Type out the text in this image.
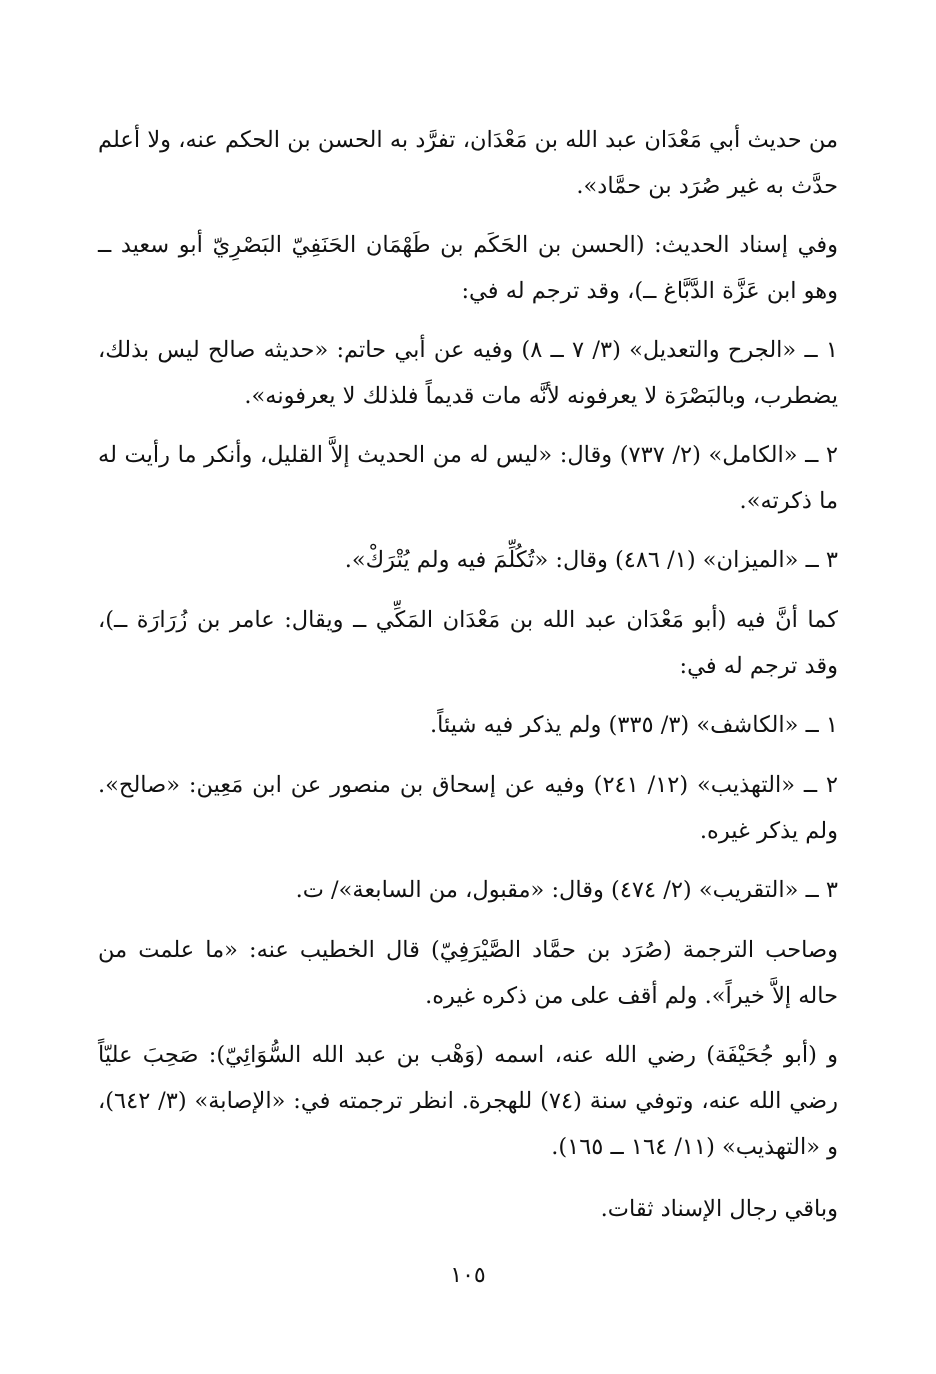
من حديث أبي مَعْدَان عبد الله بن مَعْدَان، تفرَّد به الحسن بن الحكم عنه، ولا أعلم حدَّث به غير صُرَد بن حمَّاد».

وفي إسناد الحديث: (الحسن بن الحَكَم بن طَهْمَان الحَنَفِيّ البَصْرِيّ أبو سعيد ــ وهو ابن عَزَّة الدَّبَّاغ ــ)، وقد ترجم له في:

١ ــ «الجرح والتعديل» (٣/ ٧ ــ ٨) وفيه عن أبي حاتم: «حديثه صالح ليس بذلك، يضطرب، وبالبَصْرَة لا يعرفونه لأنَّه مات قديماً فلذلك لا يعرفونه».

٢ ــ «الكامل» (٢/ ٧٣٧) وقال: «ليس له من الحديث إلاَّ القليل، وأنكر ما رأيت له ما ذكرته».

٣ ــ «الميزان» (١/ ٤٨٦) وقال: «تُكُلِّمَ فيه ولم يُتْرَكْ».

كما أنَّ فيه (أبو مَعْدَان عبد الله بن مَعْدَان المَكِّي ــ ويقال: عامر بن زُرَارَة ــ)، وقد ترجم له في:

١ ــ «الكاشف» (٣/ ٣٣٥) ولم يذكر فيه شيئاً.

٢ ــ «التهذيب» (١٢/ ٢٤١) وفيه عن إسحاق بن منصور عن ابن مَعِين: «صالح». ولم يذكر غيره.

٣ ــ «التقريب» (٢/ ٤٧٤) وقال: «مقبول، من السابعة»/ ت.

وصاحب الترجمة (صُرَد بن حمَّاد الصَّيْرَفِيّ) قال الخطيب عنه: «ما علمت من حاله إلاَّ خيراً». ولم أقف على من ذكره غيره.

و (أبو جُحَيْفَة) رضي الله عنه، اسمه (وَهْب بن عبد الله السُّوَائِيّ): صَحِبَ عليّاً رضي الله عنه، وتوفي سنة (٧٤) للهجرة. انظر ترجمته في: «الإصابة» (٣/ ٦٤٢)، و «التهذيب» (١١/ ١٦٤ ــ ١٦٥).

وباقي رجال الإسناد ثقات.

١٠٥
